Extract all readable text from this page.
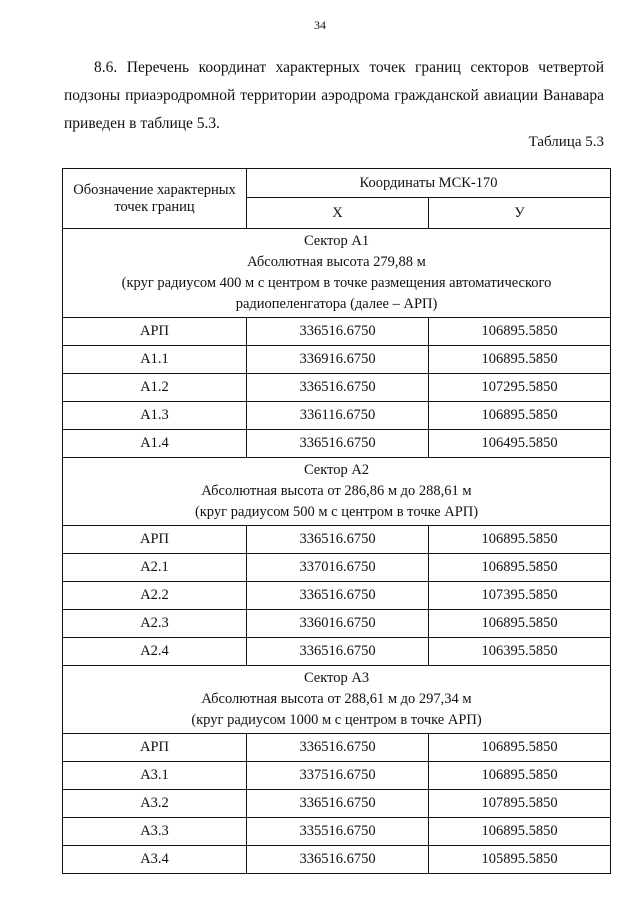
34

8.6. Перечень координат характерных точек границ секторов четвертой подзоны приаэродромной территории аэродрома гражданской авиации Ванавара приведен в таблице 5.3.

Таблица 5.3
Обозначение характерных точек границ	Координаты МСК-170	
	Х	У

Сектор А1
Абсолютная высота 279,88 м
(круг радиусом 400 м с центром в точке размещения автоматического радиопеленгатора (далее – АРП)		

АРП	336516.6750	106895.5850
А1.1	336916.6750	106895.5850
А1.2	336516.6750	107295.5850
А1.3	336116.6750	106895.5850
А1.4	336516.6750	106495.5850

Сектор А2
Абсолютная высота от 286,86 м до 288,61 м
(круг радиусом 500 м с центром в точке АРП)		

АРП	336516.6750	106895.5850
А2.1	337016.6750	106895.5850
А2.2	336516.6750	107395.5850
А2.3	336016.6750	106895.5850
А2.4	336516.6750	106395.5850

Сектор А3
Абсолютная высота от 288,61 м до 297,34 м
(круг радиусом 1000 м с центром в точке АРП)		

АРП	336516.6750	106895.5850
А3.1	337516.6750	106895.5850
А3.2	336516.6750	107895.5850
А3.3	335516.6750	106895.5850
А3.4	336516.6750	105895.5850
